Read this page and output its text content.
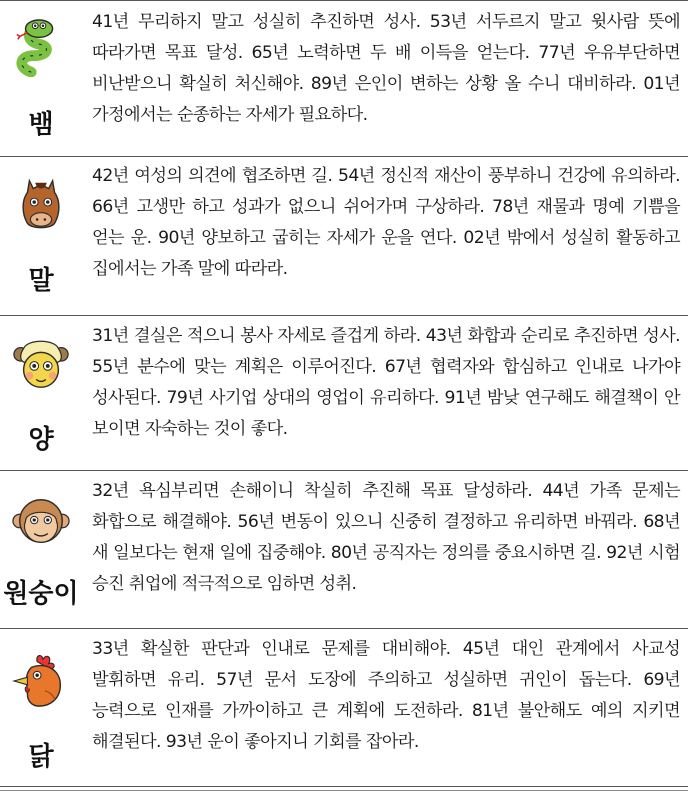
뱀
41년 무리하지 말고 성실히 추진하면 성사. 53년 서두르지 말고 윗사람 뜻에 따라가면 목표 달성. 65년 노력하면 두 배 이득을 얻는다. 77년 우유부단하면 비난받으니 확실히 처신해야. 89년 은인이 변하는 상황 올 수니 대비하라. 01년 가정에서는 순종하는 자세가 필요하다.
말
42년 여성의 의견에 협조하면 길. 54년 정신적 재산이 풍부하니 건강에 유의하라. 66년 고생만 하고 성과가 없으니 쉬어가며 구상하라. 78년 재물과 명예 기쁨을 얻는 운. 90년 양보하고 굽히는 자세가 운을 연다. 02년 밖에서 성실히 활동하고 집에서는 가족 말에 따라라.
양
31년 결실은 적으니 봉사 자세로 즐겁게 하라. 43년 화합과 순리로 추진하면 성사. 55년 분수에 맞는 계획은 이루어진다. 67년 협력자와 합심하고 인내로 나가야 성사된다. 79년 사기업 상대의 영업이 유리하다. 91년 밤낮 연구해도 해결책이 안 보이면 자숙하는 것이 좋다.
원숭이
32년 욕심부리면 손해이니 착실히 추진해 목표 달성하라. 44년 가족 문제는 화합으로 해결해야. 56년 변동이 있으니 신중히 결정하고 유리하면 바꿔라. 68년 새 일보다는 현재 일에 집중해야. 80년 공직자는 정의를 중요시하면 길. 92년 시험 승진 취업에 적극적으로 임하면 성취.
닭
33년 확실한 판단과 인내로 문제를 대비해야. 45년 대인 관계에서 사교성 발휘하면 유리. 57년 문서 도장에 주의하고 성실하면 귀인이 돕는다. 69년 능력으로 인재를 가까이하고 큰 계획에 도전하라. 81년 불안해도 예의 지키면 해결된다. 93년 운이 좋아지니 기회를 잡아라.
